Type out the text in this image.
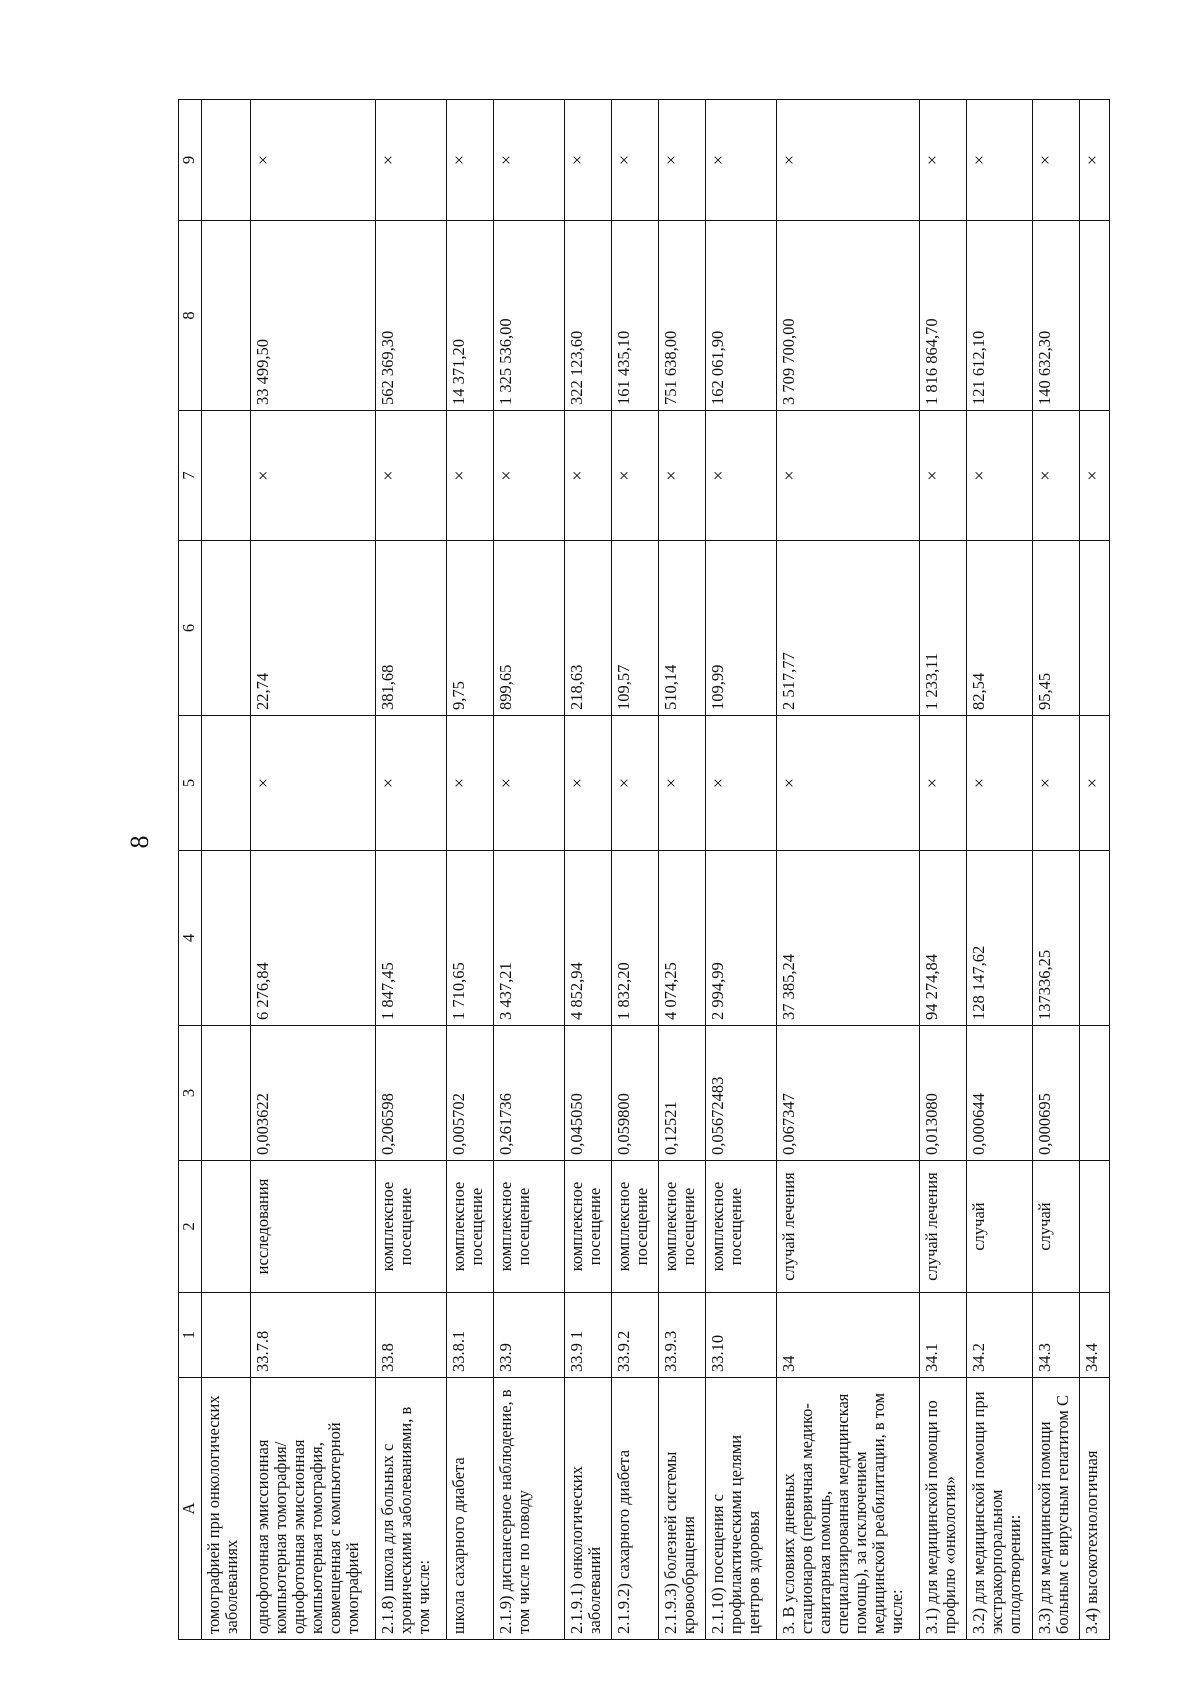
8
A	1	2	3	4	5	6	7	8	9
томографией при онкологических заболеваниях									
однофотонная эмиссионная компьютерная томография/ однофотонная эмиссионная компьютерная томография, совмещенная с компьютерной томографией	33.7.8	исследования	0,003622	6 276,84	×	22,74	×	33 499,50	×
2.1.8) школа для больных с хроническими заболеваниями, в том числе:	33.8	комплексное посещение	0,206598	1 847,45	×	381,68	×	562 369,30	×
школа сахарного диабета	33.8.1	комплексное посещение	0,005702	1 710,65	×	9,75	×	14 371,20	×
2.1.9) диспансерное наблюдение, в том числе по поводу	33.9	комплексное посещение	0,261736	3 437,21	×	899,65	×	1 325 536,00	×
2.1.9.1) онкологических заболеваний	33.9 1	комплексное посещение	0,045050	4 852,94	×	218,63	×	322 123,60	×
2.1.9.2) сахарного диабета	33.9.2	комплексное посещение	0,059800	1 832,20	×	109,57	×	161 435,10	×
2.1.9.3) болезней системы кровообращения	33.9.3	комплексное посещение	0,12521	4 074,25	×	510,14	×	751 638,00	×
2.1.10) посещения с профилактическими целями центров здоровья	33.10	комплексное посещение	0,05672483	2 994,99	×	109,99	×	162 061,90	×
3. В условиях дневных стационаров (первичная медико-санитарная помощь, специализированная медицинская помощь), за исключением медицинской реабилитации, в том числе:	34	случай лечения	0,067347	37 385,24	×	2 517,77	×	3 709 700,00	×
3.1) для медицинской помощи по профилю «онкология»	34.1	случай лечения	0,013080	94 274,84	×	1 233,11	×	1 816 864,70	×
3.2) для медицинской помощи при экстракорпоральном оплодотворении:	34.2	случай	0,000644	128 147,62	×	82,54	×	121 612,10	×
3.3) для медицинской помощи больным с вирусным гепатитом С	34.3	случай	0,000695	137336,25	×	95,45	×	140 632,30	×
3.4) высокотехнологичная	34.4				×		×		×
